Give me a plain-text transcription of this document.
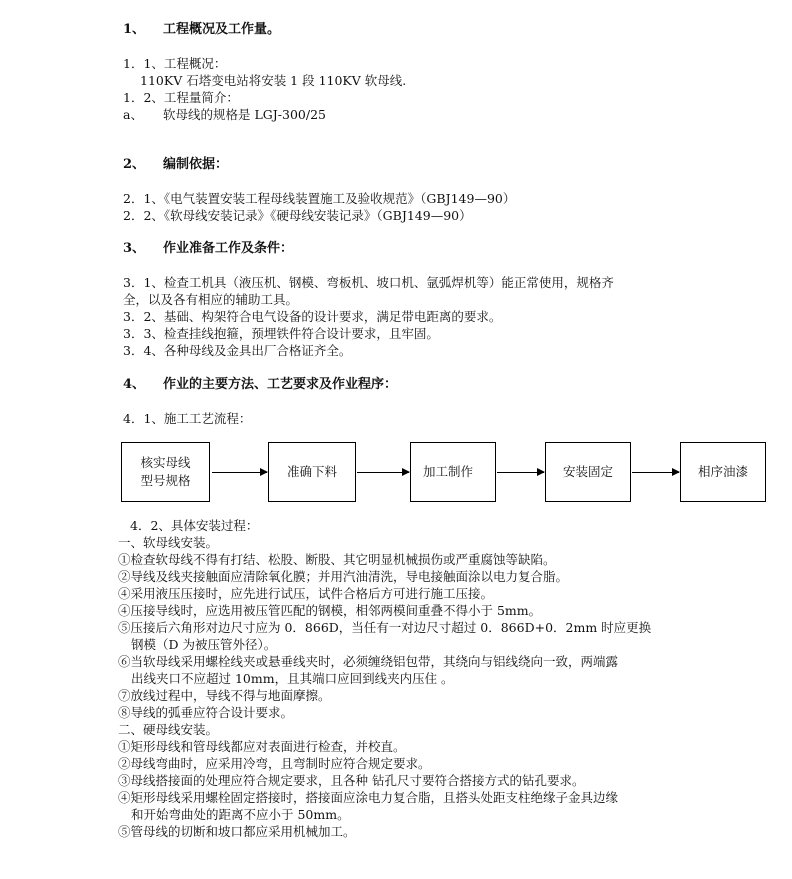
1、 工程概况及工作量。
1．1、工程概况：
110KV 石塔变电站将安装 1 段 110KV 软母线.
1．2、工程量简介：
a、 软母线的规格是 LGJ-300/25
2、 编制依据：
2．1、《电气装置安装工程母线装置施工及验收规范》（GBJ149—90）
2．2、《软母线安装记录》《硬母线安装记录》（GBJ149—90）
3、 作业准备工作及条件：
3．1、检查工机具（液压机、钢模、弯板机、坡口机、氩弧焊机等）能正常使用，规格齐
全，以及各有相应的辅助工具。
3．2、基础、构架符合电气设备的设计要求，满足带电距离的要求。
3．3、检查挂线抱箍，预埋铁件符合设计要求，且牢固。
3．4、各种母线及金具出厂合格证齐全。
4、 作业的主要方法、工艺要求及作业程序：
4．1、施工工艺流程：
核实母线
型号规格
准确下料	加工制作	安装固定	相序油漆
4．2、具体安装过程：
一、软母线安装。
①检查软母线不得有打结、松股、断股、其它明显机械损伤或严重腐蚀等缺陷。
②导线及线夹接触面应清除氧化膜；并用汽油清洗，导电接触面涂以电力复合脂。
④采用液压压接时，应先进行试压，试件合格后方可进行施工压接。
④压接导线时，应选用被压管匹配的钢模，相邻两模间重叠不得小于 5mm。
⑤压接后六角形对边尺寸应为 0．866D，当任有一对边尺寸超过 0．866D+0．2mm 时应更换
钢模（D 为被压管外径）。
⑥当软母线采用螺栓线夹或悬垂线夹时，必须缠绕铝包带，其绕向与铝线绕向一致，两端露
出线夹口不应超过 10mm，且其端口应回到线夹内压住 。
⑦放线过程中，导线不得与地面摩擦。
⑧导线的弧垂应符合设计要求。
二、硬母线安装。
①矩形母线和管母线都应对表面进行检查，并校直。
②母线弯曲时，应采用冷弯，且弯制时应符合规定要求。
③母线搭接面的处理应符合规定要求，且各种 钻孔尺寸要符合搭接方式的钻孔要求。
④矩形母线采用螺栓固定搭接时，搭接面应涂电力复合脂，且搭头处距支柱绝缘子金具边缘
和开始弯曲处的距离不应小于 50mm。
⑤管母线的切断和坡口都应采用机械加工。
